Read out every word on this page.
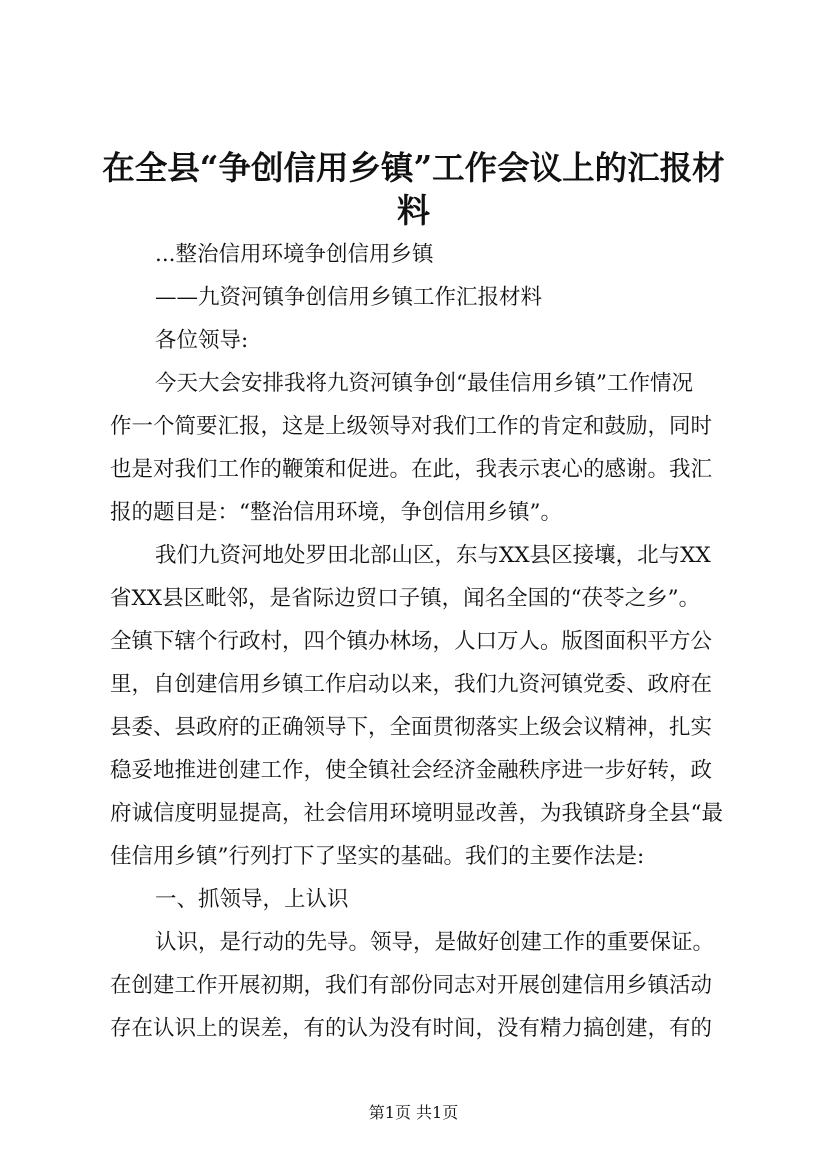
在全县“争创信用乡镇”工作会议上的汇报材
料

...整治信用环境争创信用乡镇

——九资河镇争创信用乡镇工作汇报材料

各位领导:

今天大会安排我将九资河镇争创“最佳信用乡镇”工作情况

作一个简要汇报，这是上级领导对我们工作的肯定和鼓励，同时

也是对我们工作的鞭策和促进。在此，我表示衷心的感谢。我汇

报的题目是：“整治信用环境，争创信用乡镇”。

我们九资河地处罗田北部山区，东与XX县区接壤，北与XX

省XX县区毗邻，是省际边贸口子镇，闻名全国的“茯苓之乡”。

全镇下辖个行政村，四个镇办林场，人口万人。版图面积平方公

里，自创建信用乡镇工作启动以来，我们九资河镇党委、政府在

县委、县政府的正确领导下，全面贯彻落实上级会议精神，扎实

稳妥地推进创建工作，使全镇社会经济金融秩序进一步好转，政

府诚信度明显提高，社会信用环境明显改善，为我镇跻身全县“最

佳信用乡镇”行列打下了坚实的基础。我们的主要作法是:

一、抓领导，上认识

认识，是行动的先导。领导，是做好创建工作的重要保证。

在创建工作开展初期，我们有部份同志对开展创建信用乡镇活动

存在认识上的误差，有的认为没有时间，没有精力搞创建，有的

第1页 共1页
